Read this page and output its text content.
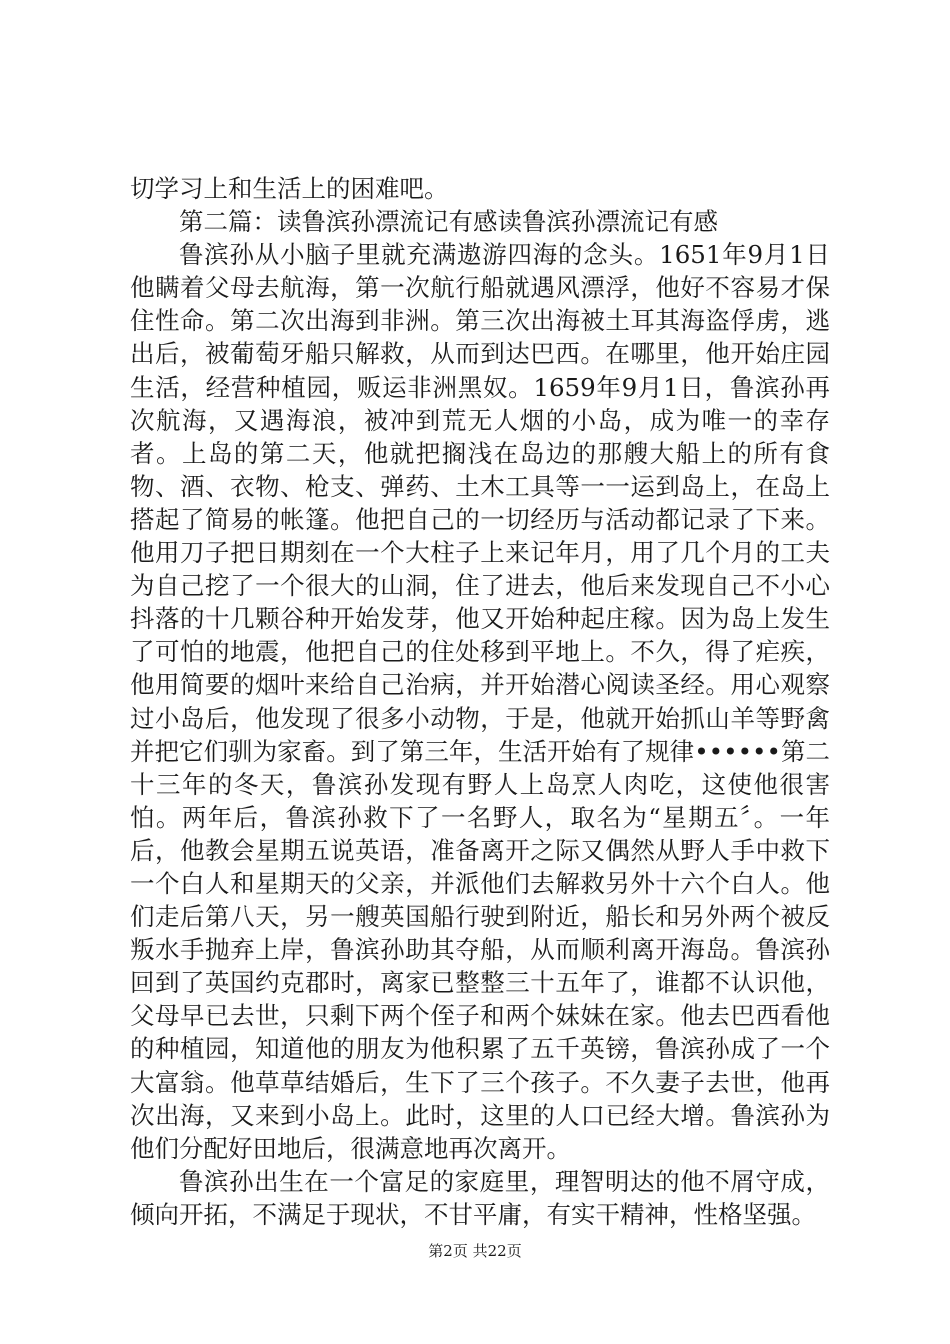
切学习上和生活上的困难吧。

第二篇：读鲁滨孙漂流记有感读鲁滨孙漂流记有感

鲁滨孙从小脑子里就充满遨游四海的念头。1651年9月1日他瞒着父母去航海，第一次航行船就遇风漂浮，他好不容易才保住性命。第二次出海到非洲。第三次出海被土耳其海盗俘虏，逃出后，被葡萄牙船只解救，从而到达巴西。在哪里，他开始庄园生活，经营种植园，贩运非洲黑奴。1659年9月1日，鲁滨孙再次航海，又遇海浪，被冲到荒无人烟的小岛，成为唯一的幸存者。上岛的第二天，他就把搁浅在岛边的那艘大船上的所有食物、酒、衣物、枪支、弹药、土木工具等一一运到岛上，在岛上搭起了简易的帐篷。他把自己的一切经历与活动都记录了下来。他用刀子把日期刻在一个大柱子上来记年月，用了几个月的工夫为自己挖了一个很大的山洞，住了进去，他后来发现自己不小心抖落的十几颗谷种开始发芽，他又开始种起庄稼。因为岛上发生了可怕的地震，他把自己的住处移到平地上。不久，得了疟疾，他用简要的烟叶来给自己治病，并开始潜心阅读圣经。用心观察过小岛后，他发现了很多小动物，于是，他就开始抓山羊等野禽并把它们驯为家畜。到了第三年，生活开始有了规律••••••第二十三年的冬天，鲁滨孙发现有野人上岛烹人肉吃，这使他很害怕。两年后，鲁滨孙救下了一名野人，取名为“星期五〞。一年后，他教会星期五说英语，准备离开之际又偶然从野人手中救下一个白人和星期天的父亲，并派他们去解救另外十六个白人。他们走后第八天，另一艘英国船行驶到附近，船长和另外两个被反叛水手抛弃上岸，鲁滨孙助其夺船，从而顺利离开海岛。鲁滨孙回到了英国约克郡时，离家已整整三十五年了，谁都不认识他，父母早已去世，只剩下两个侄子和两个妹妹在家。他去巴西看他的种植园，知道他的朋友为他积累了五千英镑，鲁滨孙成了一个大富翁。他草草结婚后，生下了三个孩子。不久妻子去世，他再次出海，又来到小岛上。此时，这里的人口已经大增。鲁滨孙为他们分配好田地后，很满意地再次离开。

鲁滨孙出生在一个富足的家庭里，理智明达的他不屑守成，倾向开拓，不满足于现状，不甘平庸，有实干精神，性格坚强。

第2页 共22页
